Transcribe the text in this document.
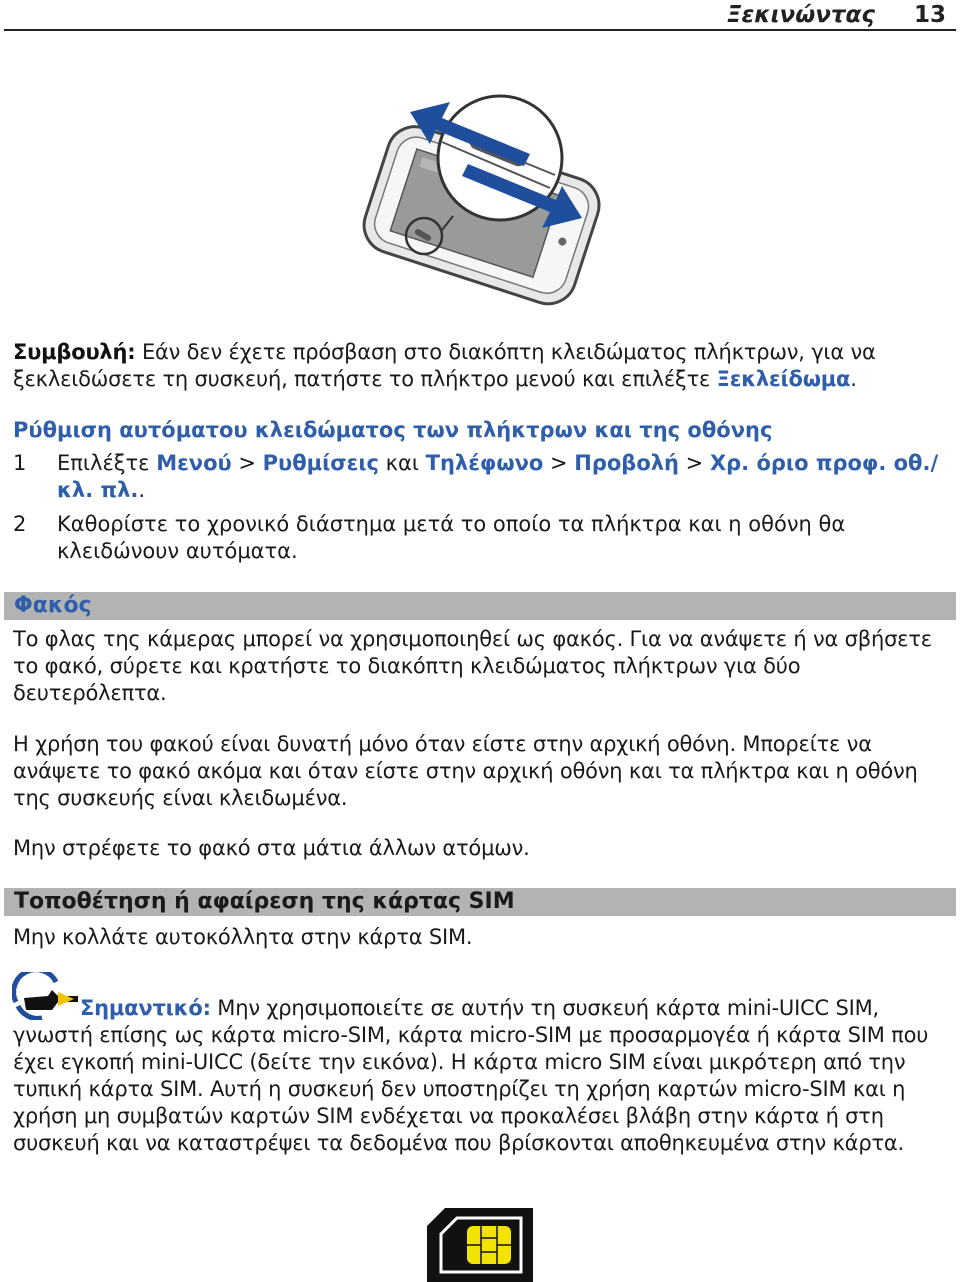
Ξεκινώντας 13
Συμβουλή: Εάν δεν έχετε πρόσβαση στο διακόπτη κλειδώματος πλήκτρων, για να ξεκλειδώσετε τη συσκευή, πατήστε το πλήκτρο μενού και επιλέξτε Ξεκλείδωμα.
Ρύθμιση αυτόματου κλειδώματος των πλήκτρων και της οθόνης
1 Επιλέξτε Μενού > Ρυθμίσεις και Τηλέφωνο > Προβολή > Χρ. όριο προφ. οθ./ κλ. πλ..
2 Καθορίστε το χρονικό διάστημα μετά το οποίο τα πλήκτρα και η οθόνη θα κλειδώνουν αυτόματα.
Φακός
Το φλας της κάμερας μπορεί να χρησιμοποιηθεί ως φακός. Για να ανάψετε ή να σβήσετε το φακό, σύρετε και κρατήστε το διακόπτη κλειδώματος πλήκτρων για δύο δευτερόλεπτα.
Η χρήση του φακού είναι δυνατή μόνο όταν είστε στην αρχική οθόνη. Μπορείτε να ανάψετε το φακό ακόμα και όταν είστε στην αρχική οθόνη και τα πλήκτρα και η οθόνη της συσκευής είναι κλειδωμένα.
Μην στρέφετε το φακό στα μάτια άλλων ατόμων.
Τοποθέτηση ή αφαίρεση της κάρτας SIM
Μην κολλάτε αυτοκόλλητα στην κάρτα SIM.
Σημαντικό: Μην χρησιμοποιείτε σε αυτήν τη συσκευή κάρτα mini-UICC SIM, γνωστή επίσης ως κάρτα micro-SIM, κάρτα micro-SIM με προσαρμογέα ή κάρτα SIM που έχει εγκοπή mini-UICC (δείτε την εικόνα). Η κάρτα micro SIM είναι μικρότερη από την τυπική κάρτα SIM. Αυτή η συσκευή δεν υποστηρίζει τη χρήση καρτών micro-SIM και η χρήση μη συμβατών καρτών SIM ενδέχεται να προκαλέσει βλάβη στην κάρτα ή στη συσκευή και να καταστρέψει τα δεδομένα που βρίσκονται αποθηκευμένα στην κάρτα.
